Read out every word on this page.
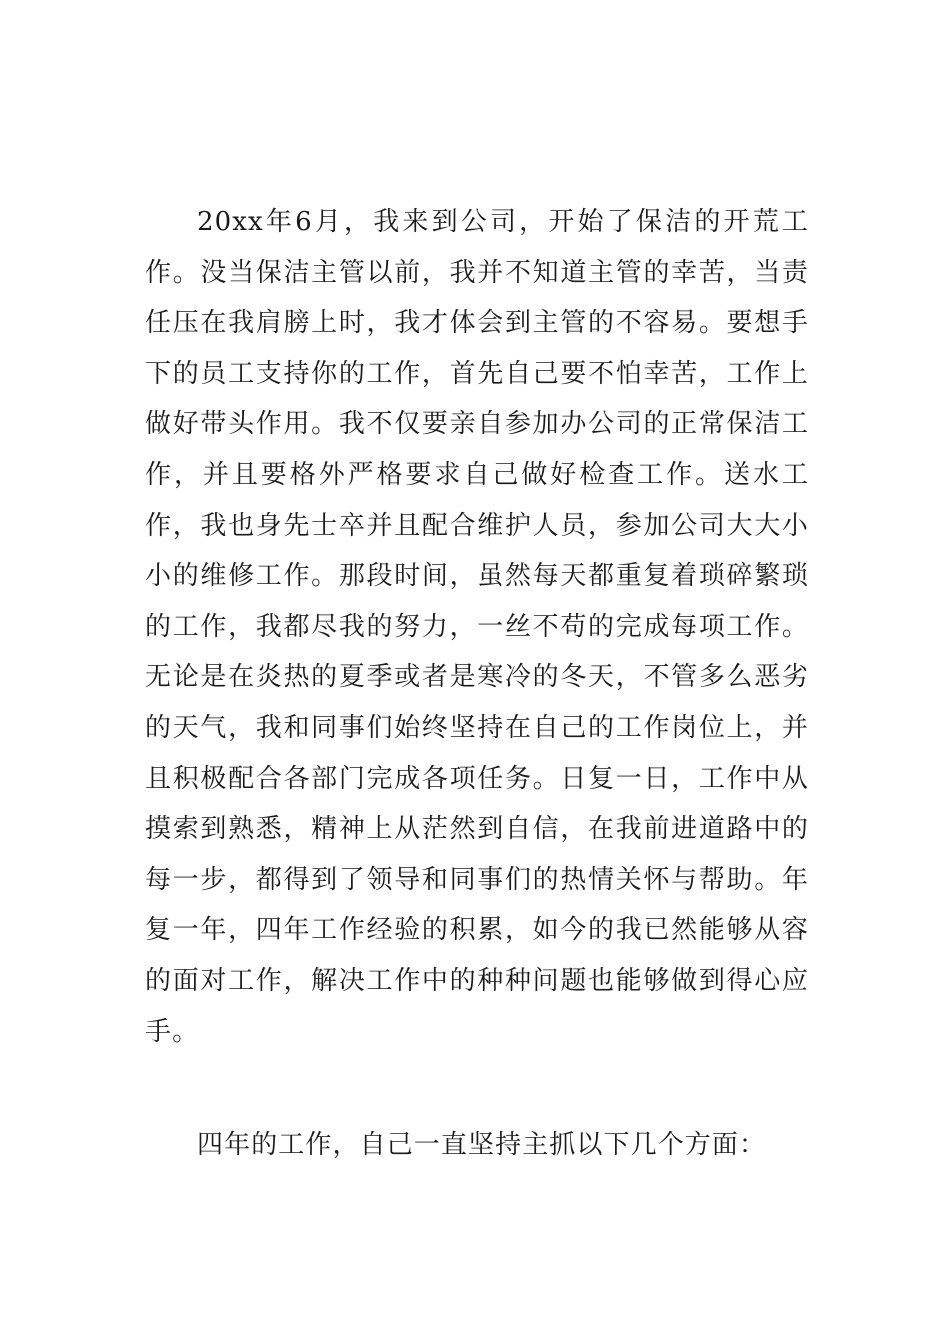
20xx年6月，我来到公司，开始了保洁的开荒工作。没当保洁主管以前，我并不知道主管的幸苦，当责任压在我肩膀上时，我才体会到主管的不容易。要想手下的员工支持你的工作，首先自己要不怕幸苦，工作上做好带头作用。我不仅要亲自参加办公司的正常保洁工作，并且要格外严格要求自己做好检查工作。送水工作，我也身先士卒并且配合维护人员，参加公司大大小小的维修工作。那段时间，虽然每天都重复着琐碎繁琐的工作，我都尽我的努力，一丝不苟的完成每项工作。无论是在炎热的夏季或者是寒冷的冬天，不管多么恶劣的天气，我和同事们始终坚持在自己的工作岗位上，并且积极配合各部门完成各项任务。日复一日，工作中从摸索到熟悉，精神上从茫然到自信，在我前进道路中的每一步，都得到了领导和同事们的热情关怀与帮助。年复一年，四年工作经验的积累，如今的我已然能够从容的面对工作，解决工作中的种种问题也能够做到得心应手。

四年的工作，自己一直坚持主抓以下几个方面：
